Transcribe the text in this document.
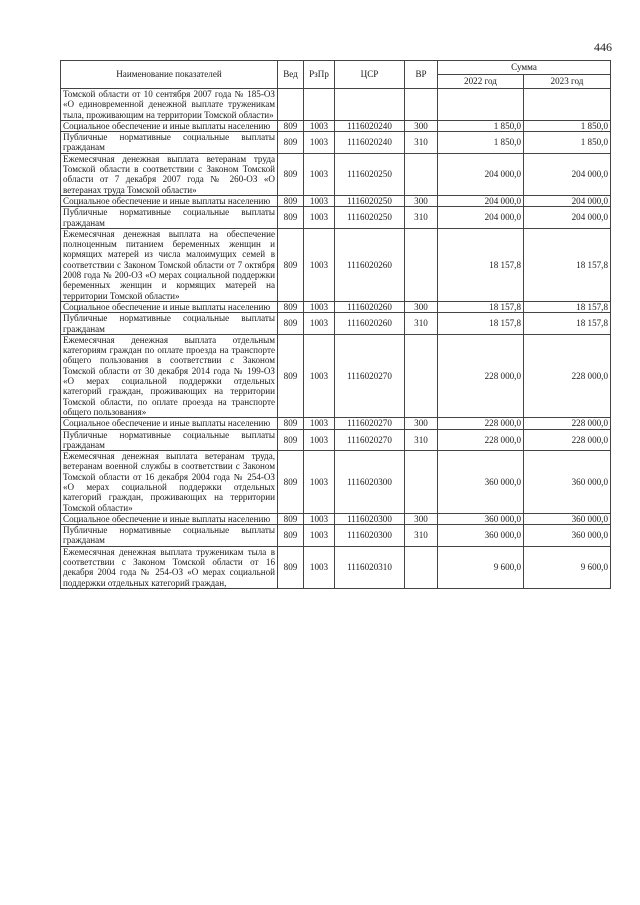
446
Наименование показателей	Вед	РзПр	ЦСР	ВР	Сумма	
					2022 год	2023 год
Томской области от 10 сентября 2007 года № 185-ОЗ «О единовременной денежной выплате труженикам тыла, проживающим на территории Томской области»						
Социальное обеспечение и иные выплаты населению	809	1003	1116020240	300	1 850,0	1 850,0
Публичные нормативные социальные выплаты гражданам	809	1003	1116020240	310	1 850,0	1 850,0
Ежемесячная денежная выплата ветеранам труда Томской области в соответствии с Законом Томской области от 7 декабря 2007 года № 260-ОЗ «О ветеранах труда Томской области»	809	1003	1116020250		204 000,0	204 000,0
Социальное обеспечение и иные выплаты населению	809	1003	1116020250	300	204 000,0	204 000,0
Публичные нормативные социальные выплаты гражданам	809	1003	1116020250	310	204 000,0	204 000,0
Ежемесячная денежная выплата на обеспечение полноценным питанием беременных женщин и кормящих матерей из числа малоимущих семей в соответствии с Законом Томской области от 7 октября 2008 года № 200-ОЗ «О мерах социальной поддержки беременных женщин и кормящих матерей на территории Томской области»	809	1003	1116020260		18 157,8	18 157,8
Социальное обеспечение и иные выплаты населению	809	1003	1116020260	300	18 157,8	18 157,8
Публичные нормативные социальные выплаты гражданам	809	1003	1116020260	310	18 157,8	18 157,8
Ежемесячная денежная выплата отдельным категориям граждан по оплате проезда на транспорте общего пользования в соответствии с Законом Томской области от 30 декабря 2014 года № 199-ОЗ «О мерах социальной поддержки отдельных категорий граждан, проживающих на территории Томской области, по оплате проезда на транспорте общего пользования»	809	1003	1116020270		228 000,0	228 000,0
Социальное обеспечение и иные выплаты населению	809	1003	1116020270	300	228 000,0	228 000,0
Публичные нормативные социальные выплаты гражданам	809	1003	1116020270	310	228 000,0	228 000,0
Ежемесячная денежная выплата ветеранам труда, ветеранам военной службы в соответствии с Законом Томской области от 16 декабря 2004 года № 254-ОЗ «О мерах социальной поддержки отдельных категорий граждан, проживающих на территории Томской области»	809	1003	1116020300		360 000,0	360 000,0
Социальное обеспечение и иные выплаты населению	809	1003	1116020300	300	360 000,0	360 000,0
Публичные нормативные социальные выплаты гражданам	809	1003	1116020300	310	360 000,0	360 000,0
Ежемесячная денежная выплата труженикам тыла в соответствии с Законом Томской области от 16 декабря 2004 года № 254-ОЗ «О мерах социальной поддержки отдельных категорий граждан,	809	1003	1116020310		9 600,0	9 600,0
